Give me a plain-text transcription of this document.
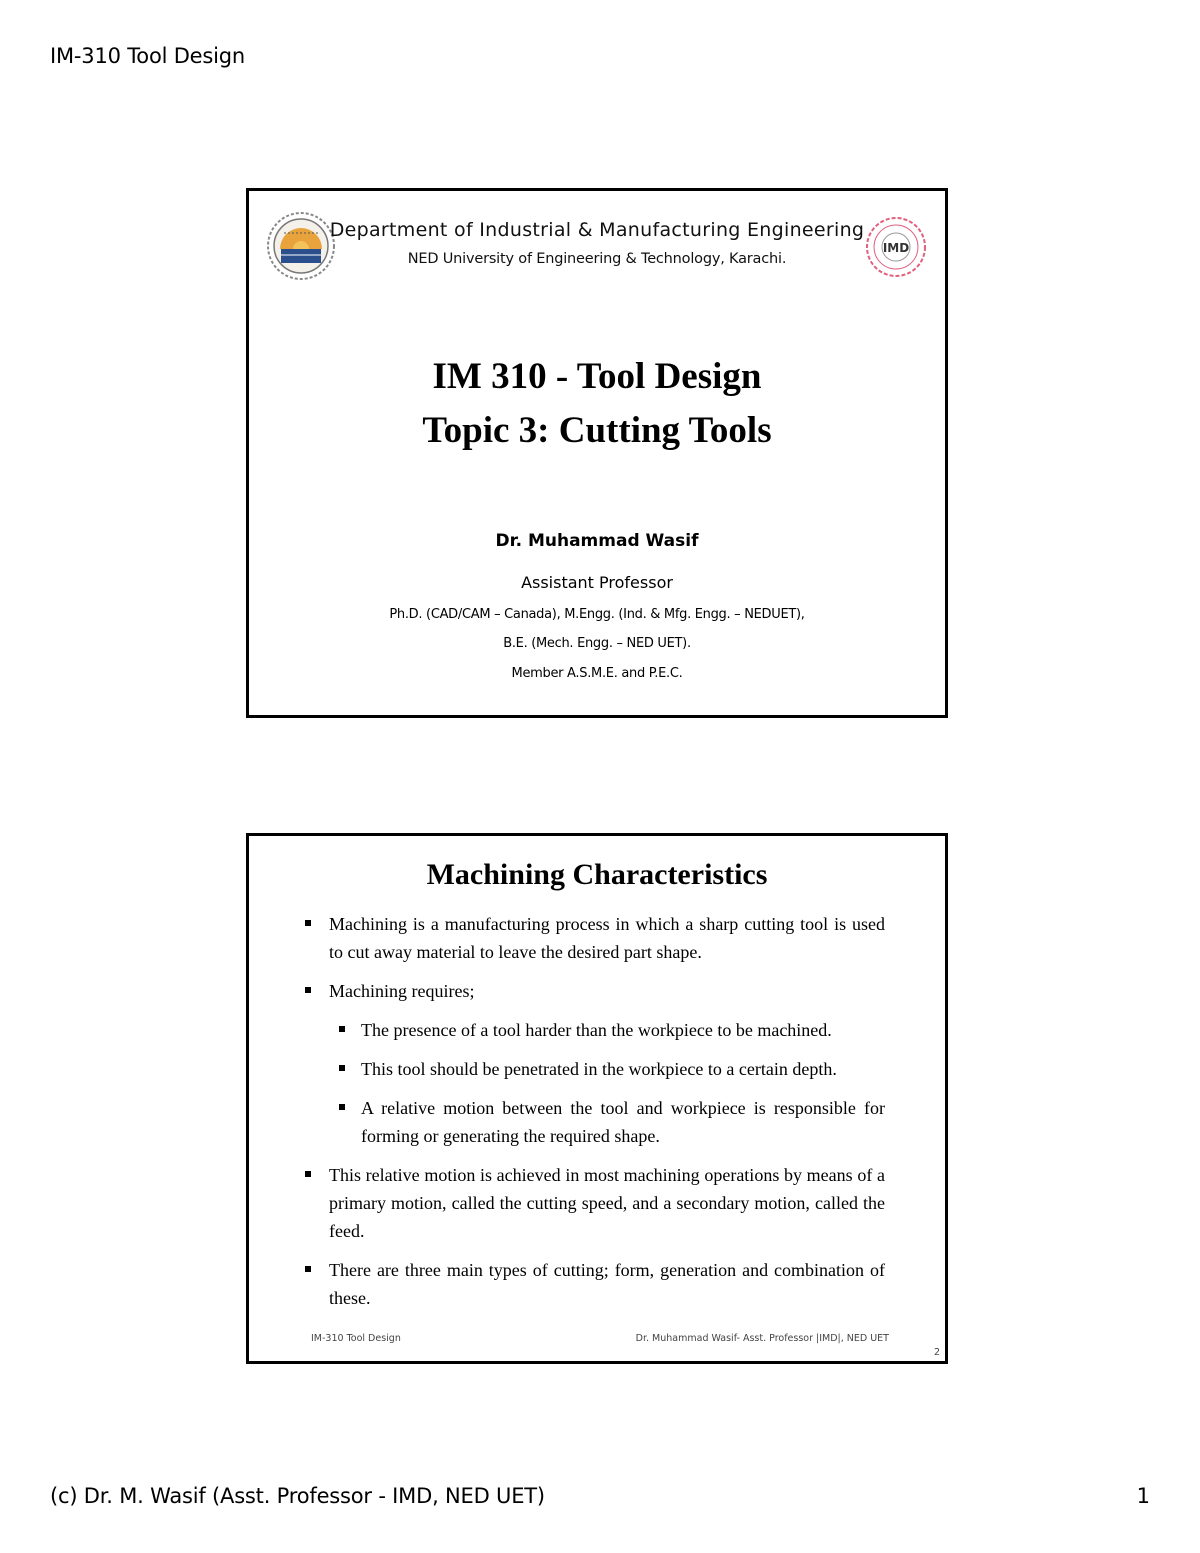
IM-310 Tool Design
Department of Industrial & Manufacturing Engineering
NED University of Engineering & Technology, Karachi.
IMD
IM 310 - Tool Design
Topic 3: Cutting Tools
Dr. Muhammad Wasif
Assistant Professor
Ph.D. (CAD/CAM – Canada), M.Engg. (Ind. & Mfg. Engg. – NEDUET),
B.E. (Mech. Engg. – NED UET).
Member A.S.M.E. and P.E.C.
Machining Characteristics
Machining is a manufacturing process in which a sharp cutting tool is used to cut away material to leave the desired part shape.
Machining requires;
The presence of a tool harder than the workpiece to be machined.
This tool should be penetrated in the workpiece to a certain depth.
A relative motion between the tool and workpiece is responsible for forming or generating the required shape.
This relative motion is achieved in most machining operations by means of a primary motion, called the cutting speed, and a secondary motion, called the feed.
There are three main types of cutting; form, generation and combination of these.
IM-310 Tool Design	Dr. Muhammad Wasif- Asst. Professor |IMD|, NED UET
2
(c) Dr. M. Wasif (Asst. Professor - IMD, NED UET)	1
